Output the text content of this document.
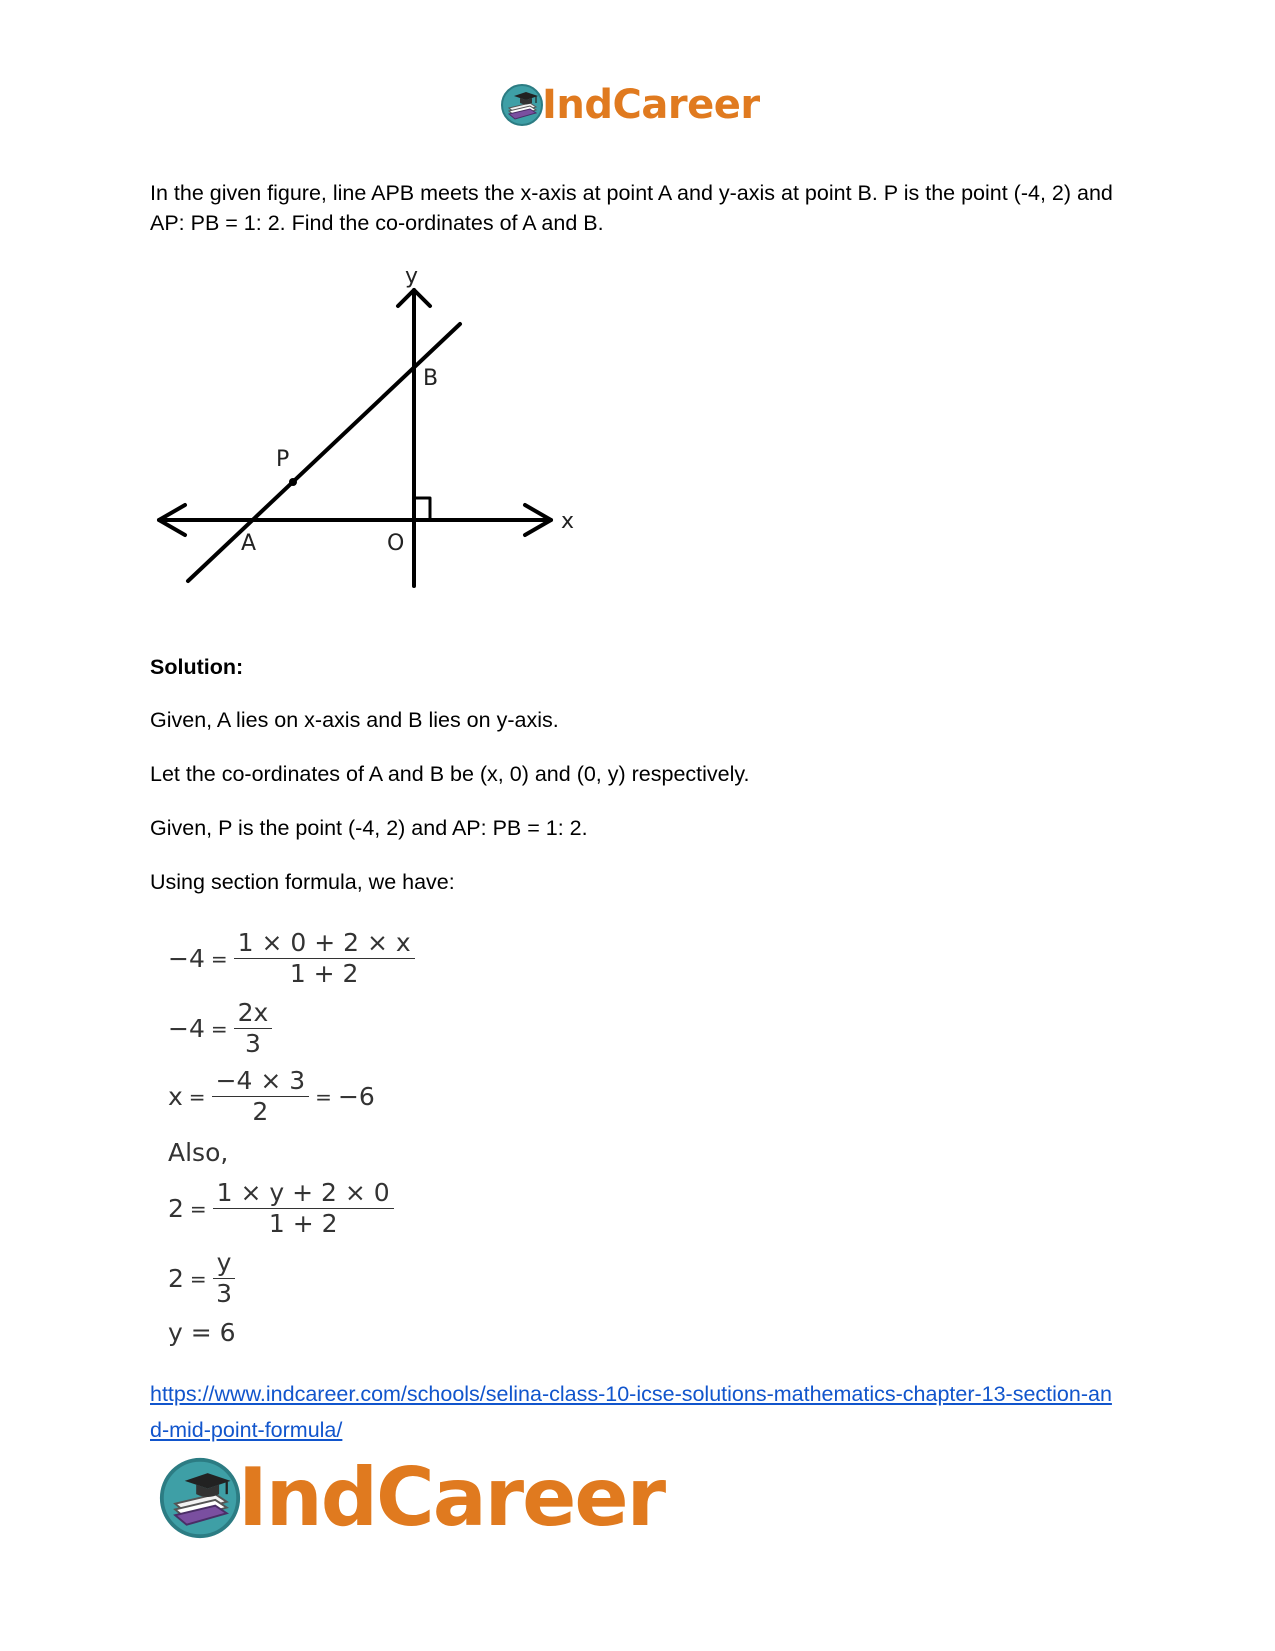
IndCareer
In the given figure, line APB meets the x-axis at point A and y-axis at point B. P is the point (-4, 2) and AP: PB = 1: 2. Find the co-ordinates of A and B.
y
x
B
P
A	O
Solution:
Given, A lies on x-axis and B lies on y-axis.
Let the co-ordinates of A and B be (x, 0) and (0, y) respectively.
Given, P is the point (-4, 2) and AP: PB = 1: 2.
Using section formula, we have:
$-4 = \frac{1 \times 0 + 2 \times x}{1 + 2}$
$-4 = \frac{2x}{3}$
$x = \frac{-4 \times 3}{2} = -6$
Also,
$2 = \frac{1 \times y + 2 \times 0}{1 + 2}$
$2 = \frac{y}{3}$
y = 6
https://www.indcareer.com/schools/selina-class-10-icse-solutions-mathematics-chapter-13-section-and-mid-point-formula/
IndCareer
